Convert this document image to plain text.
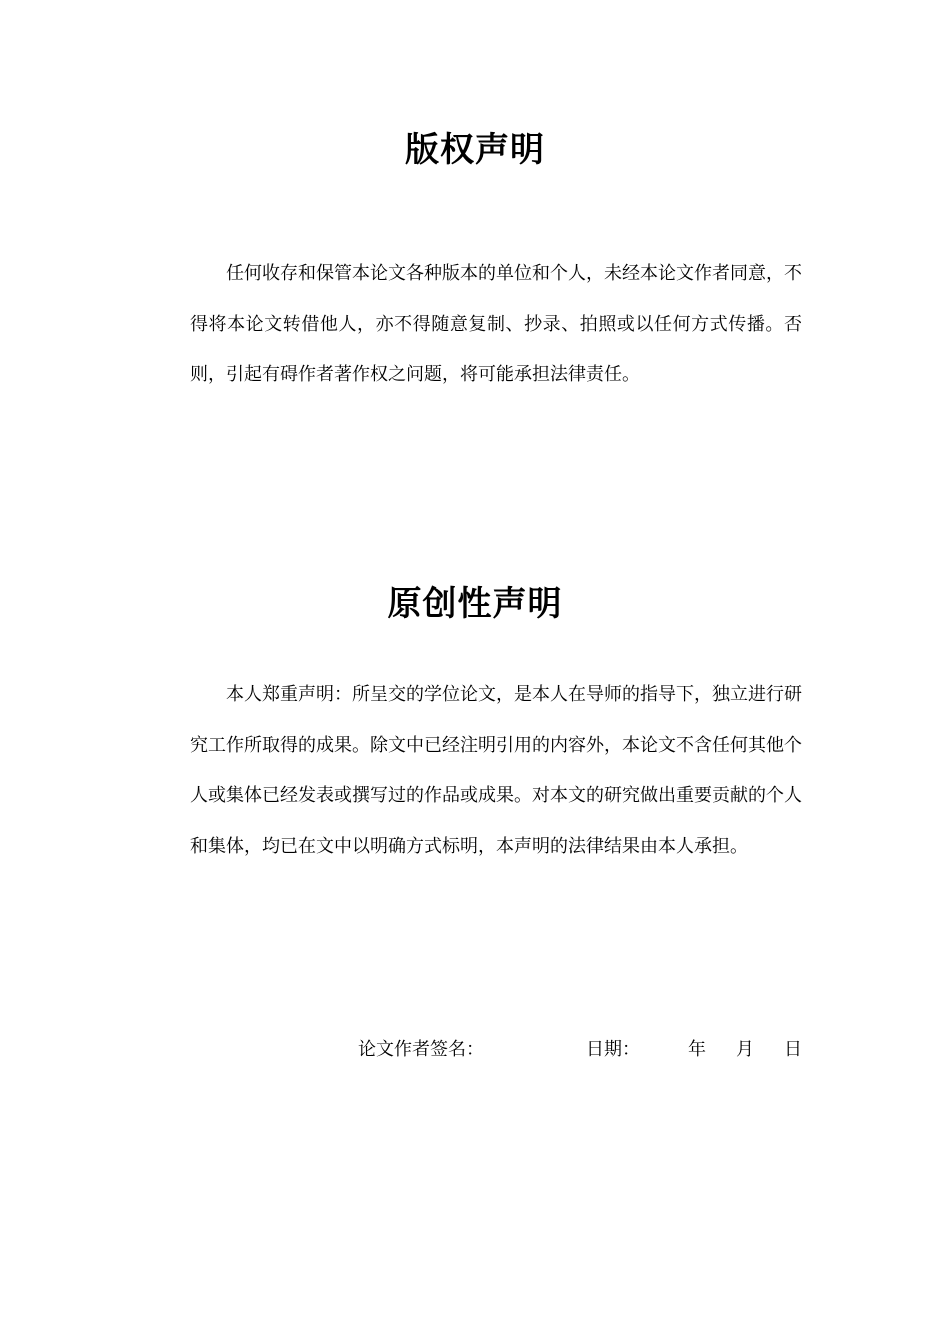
版权声明

任何收存和保管本论文各种版本的单位和个人，未经本论文作者同意，不得将本论文转借他人，亦不得随意复制、抄录、拍照或以任何方式传播。否则，引起有碍作者著作权之问题，将可能承担法律责任。

原创性声明

本人郑重声明：所呈交的学位论文，是本人在导师的指导下，独立进行研究工作所取得的成果。除文中已经注明引用的内容外，本论文不含任何其他个人或集体已经发表或撰写过的作品或成果。对本文的研究做出重要贡献的个人和集体，均已在文中以明确方式标明，本声明的法律结果由本人承担。

论文作者签名：	日期：	年 月 日
